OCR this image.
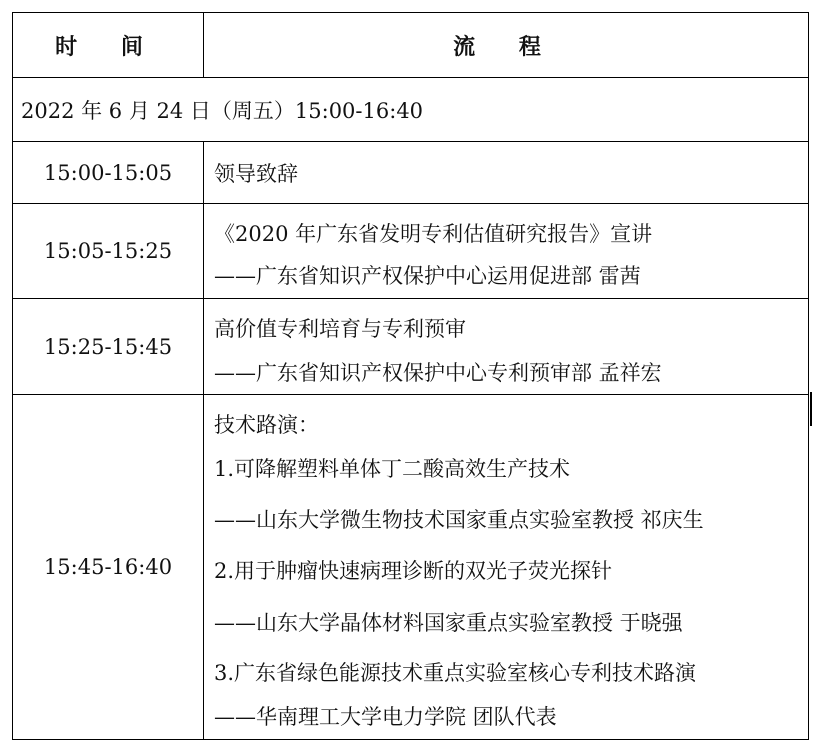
时 间	流 程
2022 年 6 月 24 日（周五）15:00-16:40
15:00-15:05	领导致辞
15:05-15:25
《2020 年广东省发明专利估值研究报告》宣讲
——广东省知识产权保护中心运用促进部 雷茜
15:25-15:45
高价值专利培育与专利预审
——广东省知识产权保护中心专利预审部 孟祥宏
15:45-16:40
技术路演：
1.可降解塑料单体丁二酸高效生产技术
——山东大学微生物技术国家重点实验室教授 祁庆生
2.用于肿瘤快速病理诊断的双光子荧光探针
——山东大学晶体材料国家重点实验室教授 于晓强
3.广东省绿色能源技术重点实验室核心专利技术路演
——华南理工大学电力学院 团队代表
